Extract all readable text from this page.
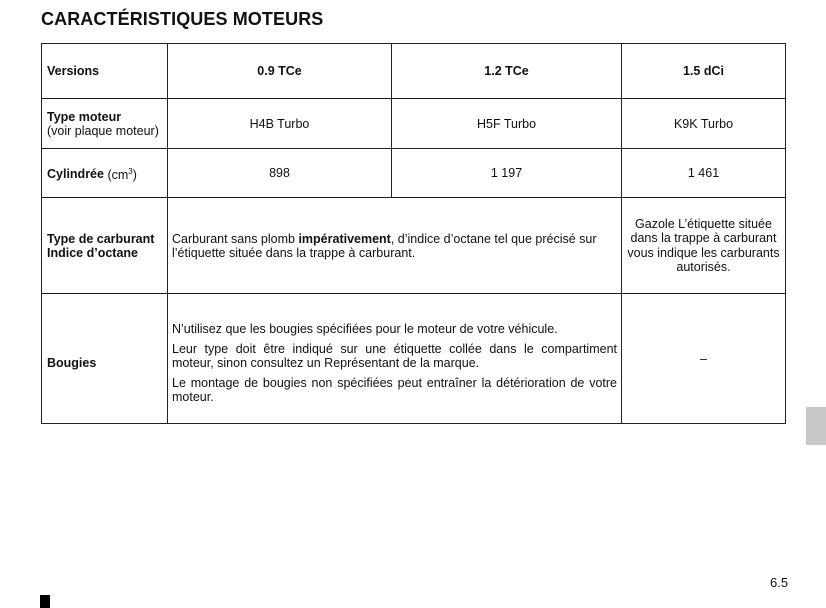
CARACTÉRISTIQUES MOTEURS
Versions	0.9 TCe	1.2 TCe	1.5 dCi
Type moteur
(voir plaque moteur)	H4B Turbo	H5F Turbo	K9K Turbo
Cylindrée $(cm^3)$	898	1 197	1 461
Type de carburant
Indice d’octane	Carburant sans plomb impérativement, d’indice d’octane tel que précisé sur l’étiquette située dans la trappe à carburant.		Gazole L’étiquette située dans la trappe à carburant vous indique les carburants autorisés.
Bougies	N’utilisez que les bougies spécifiées pour le moteur de votre véhicule.

Leur type doit être indiqué sur une étiquette collée dans le compartiment moteur, sinon consultez un Représentant de la marque.

Le montage de bougies non spécifiées peut entraîner la détérioration de votre moteur.		–
6.5
